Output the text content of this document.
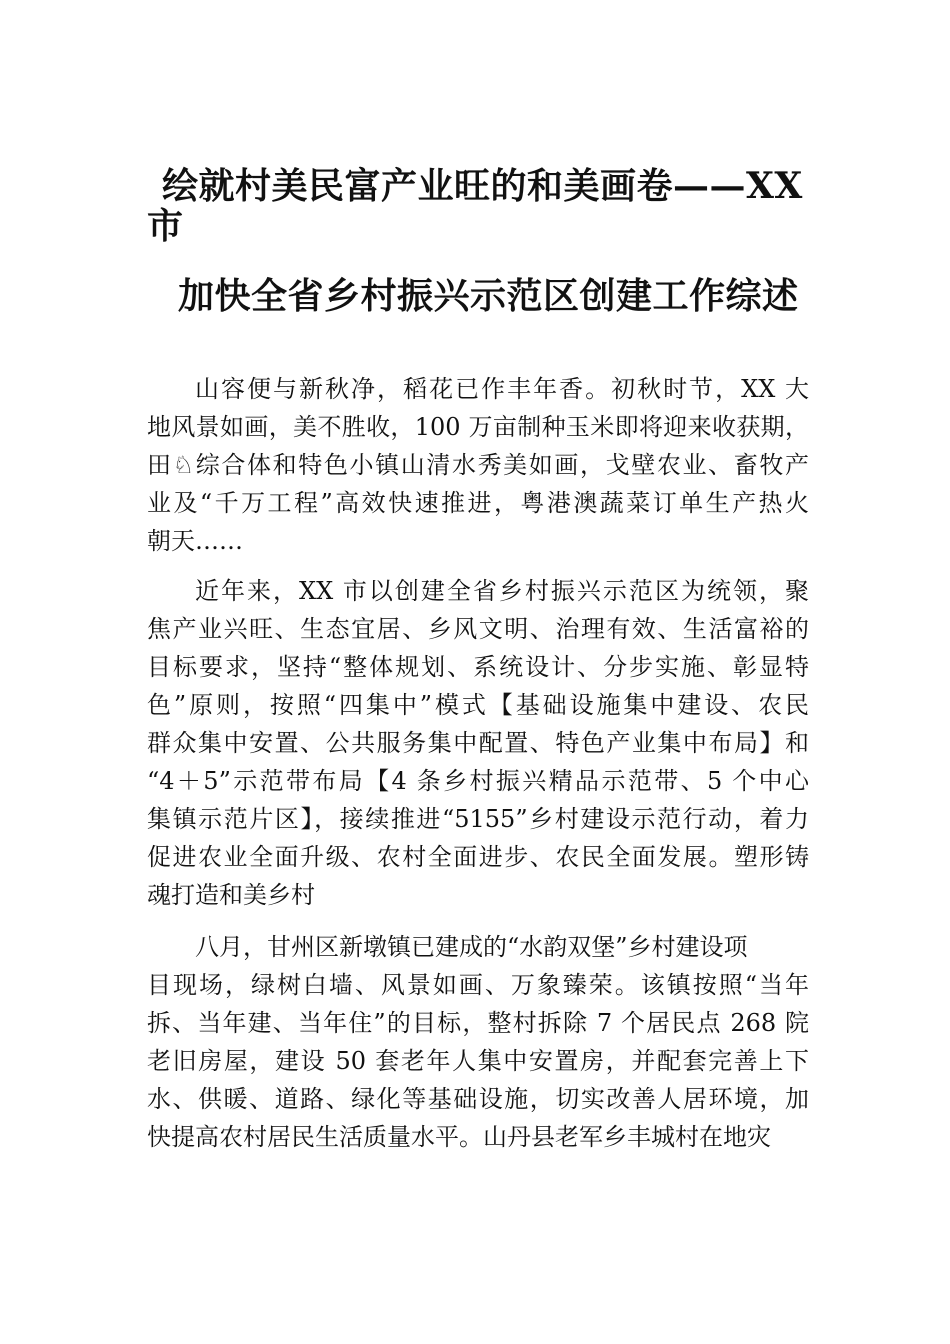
绘就村美民富产业旺的和美画卷——XX
市
加快全省乡村振兴示范区创建工作综述
山容便与新秋净，稻花已作丰年香。初秋时节，XX 大
地风景如画，美不胜收，100 万亩制种玉米即将迎来收获期，
田♘综合体和特色小镇山清水秀美如画，戈壁农业、畜牧产
业及“千万工程”高效快速推进，粤港澳蔬菜订单生产热火
朝天……
近年来，XX 市以创建全省乡村振兴示范区为统领，聚
焦产业兴旺、生态宜居、乡风文明、治理有效、生活富裕的
目标要求，坚持“整体规划、系统设计、分步实施、彰显特
色”原则，按照“四集中”模式【基础设施集中建设、农民
群众集中安置、公共服务集中配置、特色产业集中布局】和
“4＋5”示范带布局【4 条乡村振兴精品示范带、5 个中心
集镇示范片区】，接续推进“5155”乡村建设示范行动，着力
促进农业全面升级、农村全面进步、农民全面发展。塑形铸
魂打造和美乡村
八月，甘州区新墩镇已建成的“水韵双堡”乡村建设项
目现场，绿树白墙、风景如画、万象臻荣。该镇按照“当年
拆、当年建、当年住”的目标，整村拆除 7 个居民点 268 院
老旧房屋，建设 50 套老年人集中安置房，并配套完善上下
水、供暖、道路、绿化等基础设施，切实改善人居环境，加
快提高农村居民生活质量水平。山丹县老军乡丰城村在地灾
